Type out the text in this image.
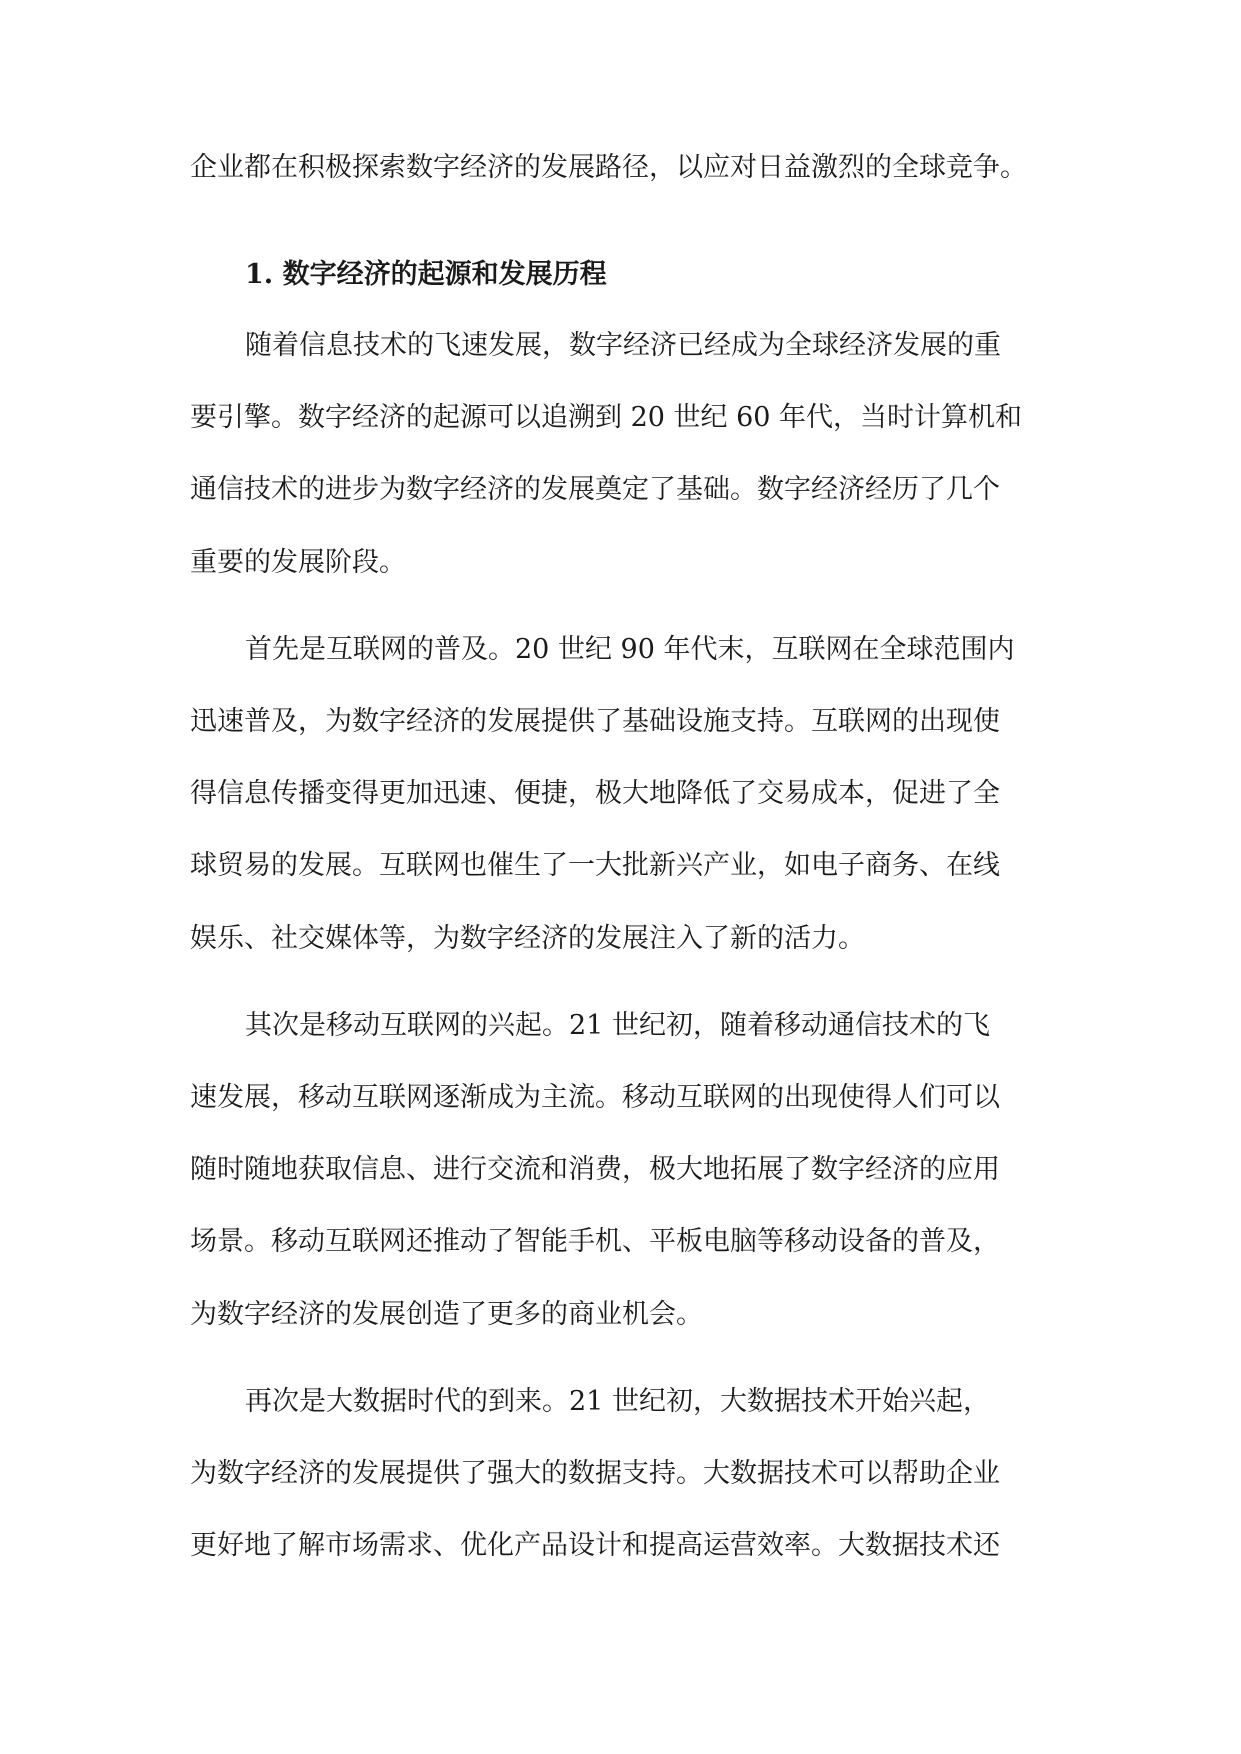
企业都在积极探索数字经济的发展路径，以应对日益激烈的全球竞争。
1. 数字经济的起源和发展历程
随着信息技术的飞速发展，数字经济已经成为全球经济发展的重
要引擎。数字经济的起源可以追溯到 20 世纪 60 年代，当时计算机和
通信技术的进步为数字经济的发展奠定了基础。数字经济经历了几个
重要的发展阶段。
首先是互联网的普及。20 世纪 90 年代末，互联网在全球范围内
迅速普及，为数字经济的发展提供了基础设施支持。互联网的出现使
得信息传播变得更加迅速、便捷，极大地降低了交易成本，促进了全
球贸易的发展。互联网也催生了一大批新兴产业，如电子商务、在线
娱乐、社交媒体等，为数字经济的发展注入了新的活力。
其次是移动互联网的兴起。21 世纪初，随着移动通信技术的飞
速发展，移动互联网逐渐成为主流。移动互联网的出现使得人们可以
随时随地获取信息、进行交流和消费，极大地拓展了数字经济的应用
场景。移动互联网还推动了智能手机、平板电脑等移动设备的普及，
为数字经济的发展创造了更多的商业机会。
再次是大数据时代的到来。21 世纪初，大数据技术开始兴起，
为数字经济的发展提供了强大的数据支持。大数据技术可以帮助企业
更好地了解市场需求、优化产品设计和提高运营效率。大数据技术还
